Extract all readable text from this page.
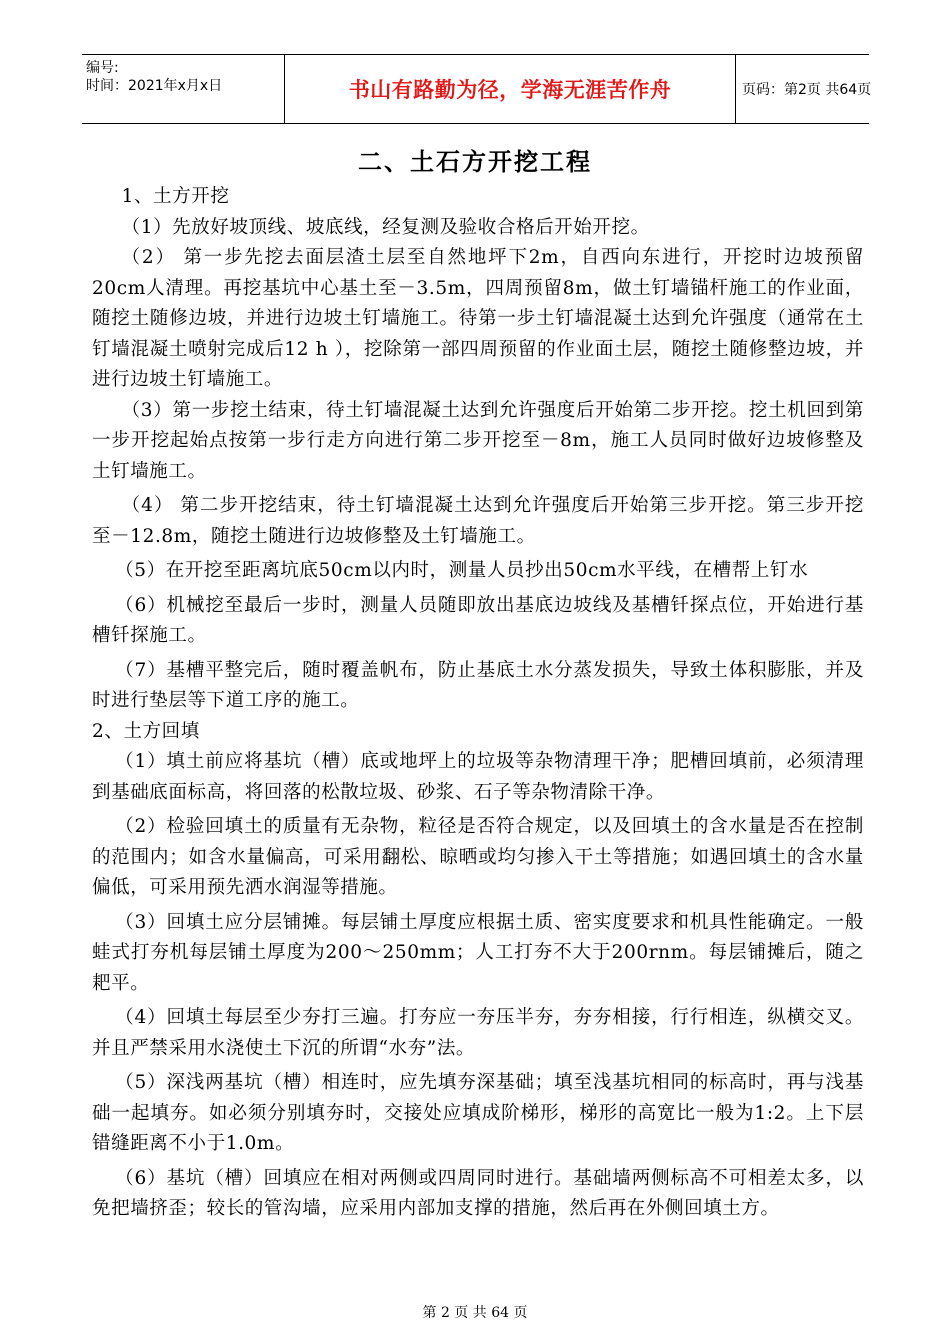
编号:
时间：2021年x月x日	书山有路勤为径，学海无涯苦作舟	页码：第2页 共64页
二、土石方开挖工程

1、土方开挖

（1）先放好坡顶线、坡底线，经复测及验收合格后开始开挖。

（2） 第一步先挖去面层渣土层至自然地坪下2m，自西向东进行，开挖时边坡预留20cm人清理。再挖基坑中心基土至－3.5m，四周预留8m，做土钉墙锚杆施工的作业面，随挖土随修边坡，并进行边坡土钉墙施工。待第一步土钉墙混凝土达到允许强度（通常在土钉墙混凝土喷射完成后12 h ），挖除第一部四周预留的作业面土层，随挖土随修整边坡，并进行边坡土钉墙施工。

（3）第一步挖土结束，待土钉墙混凝土达到允许强度后开始第二步开挖。挖土机回到第一步开挖起始点按第一步行走方向进行第二步开挖至－8m，施工人员同时做好边坡修整及土钉墙施工。

（4） 第二步开挖结束，待土钉墙混凝土达到允许强度后开始第三步开挖。第三步开挖至－12.8m，随挖土随进行边坡修整及土钉墙施工。

（5）在开挖至距离坑底50cm以内时，测量人员抄出50cm水平线，在槽帮上钉水

（6）机械挖至最后一步时，测量人员随即放出基底边坡线及基槽钎探点位，开始进行基槽钎探施工。

（7）基槽平整完后，随时覆盖帆布，防止基底土水分蒸发损失，导致土体积膨胀，并及时进行垫层等下道工序的施工。

2、土方回填

（1）填土前应将基坑（槽）底或地坪上的垃圾等杂物清理干净；肥槽回填前，必须清理到基础底面标高，将回落的松散垃圾、砂浆、石子等杂物清除干净。

（2）检验回填土的质量有无杂物，粒径是否符合规定，以及回填土的含水量是否在控制的范围内；如含水量偏高，可采用翻松、晾晒或均匀掺入干土等措施；如遇回填土的含水量偏低，可采用预先洒水润湿等措施。

（3）回填土应分层铺摊。每层铺土厚度应根据土质、密实度要求和机具性能确定。一般蛙式打夯机每层铺土厚度为200～250mm；人工打夯不大于200rnm。每层铺摊后，随之耙平。

（4）回填土每层至少夯打三遍。打夯应一夯压半夯，夯夯相接，行行相连，纵横交叉。并且严禁采用水浇使土下沉的所谓“水夯”法。

（5）深浅两基坑（槽）相连时，应先填夯深基础；填至浅基坑相同的标高时，再与浅基础一起填夯。如必须分别填夯时，交接处应填成阶梯形，梯形的高宽比一般为1:2。上下层错缝距离不小于1.0m。

（6）基坑（槽）回填应在相对两侧或四周同时进行。基础墙两侧标高不可相差太多，以免把墙挤歪；较长的管沟墙，应采用内部加支撑的措施，然后再在外侧回填土方。

第 2 页 共 64 页
